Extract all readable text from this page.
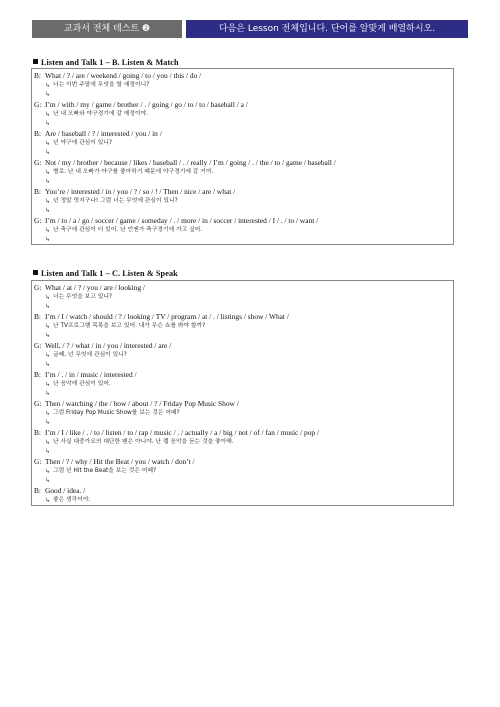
교과서 전체 테스트 ❷	다음은 Lesson 전체입니다. 단어를 알맞게 배열하시오.
Listen and Talk 1 – B. Listen & Match
B: What / ? / are / weekend / going / to / you / this / do /
↳ 너는 이번 주말에 무엇을 할 예정이니?
↳
G: I’m / with / my / game / brother / . / going / go / to / to / baseball / a /
↳ 난 내 오빠와 야구경기에 갈 예정이야.
↳
B: Are / baseball / ? / interested / you / in /
↳ 넌 야구에 관심이 있니?
↳
G: Not / my / brother / because / likes / baseball / . / really / I’m / going / . / the / to / game / baseball /
↳ 별로. 난 내 오빠가 야구를 좋아하기 때문에 야구경기에 갈 거야.
↳
B: You’re / interested / in / you / ? / so / ! / Then / nice / are / what /
↳ 넌 정말 멋지구나! 그럼 너는 무엇에 관심이 있니?
↳
G: I’m / to / a / go / soccer / game / someday / . / more / in / soccer / interested / I / . / to / want /
↳ 난 축구에 관심이 더 있어. 난 언젠가 축구경기에 가고 싶어.
↳
Listen and Talk 1 – C. Listen & Speak
G: What / at / ? / you / are / looking /
↳ 너는 무엇을 보고 있니?
↳
B: I’m / I / watch / should / ? / looking / TV / program / at / . / listings / show / What /
↳ 난 TV프로그램 목록을 보고 있어. 내가 무슨 쇼를 봐야 할까?
↳
G: Well, / ? / what / in / you / interested / are /
↳ 글쎄, 넌 무엇에 관심이 있니?
↳
B: I’m / . / in / music / interested /
↳ 난 음악에 관심이 있어.
↳
G: Then / watching / the / how / about / ? / Friday Pop Music Show /
↳ 그럼 Friday Pop Music Show를 보는 것은 어때?
↳
B: I’m / I / like / . / to / listen / to / rap / music / . / actually / a / big / not / of / fan / music / pop /
↳ 난 사실 대중가요의 대단한 팬은 아니야. 난 랩 음악을 듣는 것을 좋아해.
↳
G: Then / ? / why / Hit the Beat / you / watch / don’t /
↳ 그럼 넌 Hit the Beat을 보는 것은 어때?
↳
B: Good / idea. /
↳ 좋은 생각이야.
